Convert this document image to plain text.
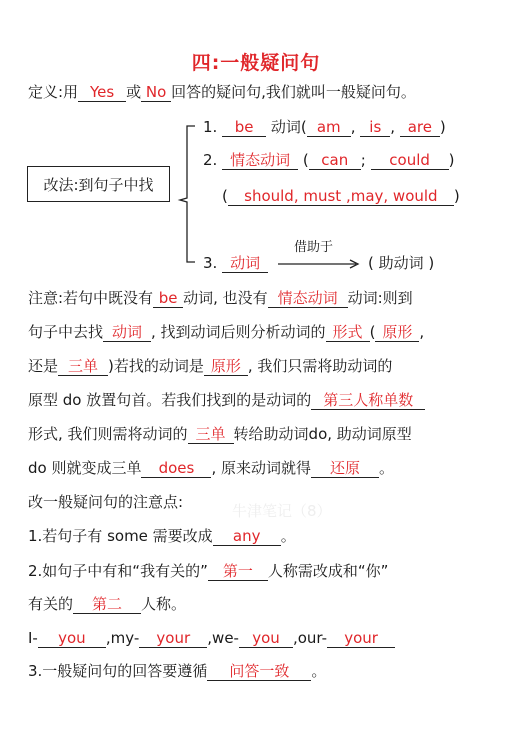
四:一般疑问句
定义:用 Yes 或 No 回答的疑问句,我们就叫一般疑问句。
改法:到句子中找
1. be 动词( am , is , are )
2. 情态动词 ( can ; could )
( should, must ,may, would )
借助于
3. 动词	( 助动词 )
注意:若句中既没有 be 动词, 也没有 情态动词 动词:则到
句子中去找 动词 , 找到动词后则分析动词的 形式 ( 原形 ,
还是 三单 )若找的动词是 原形 , 我们只需将助动词的
原型 do 放置句首。若我们找到的是动词的 第三人称单数
形式, 我们则需将动词的 三单 转给助动词do, 助动词原型
do 则就变成三单 does , 原来动词就得 还原 。
牛津笔记（8）
改一般疑问句的注意点:
1.若句子有 some 需要改成 any 。
2.如句子中有和“我有关的” 第一 人称需改成和“你”
有关的 第二 人称。
I- you ,my- your ,we- you ,our- your
3.一般疑问句的回答要遵循 问答一致 。
